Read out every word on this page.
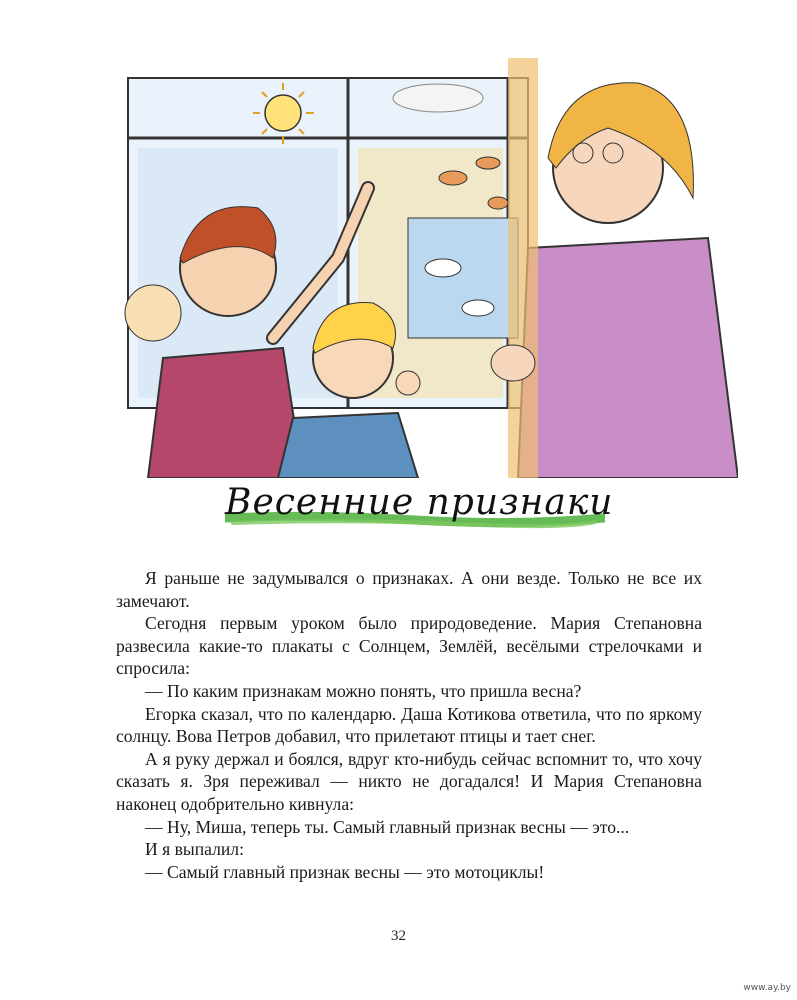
Весенние признаки

Я раньше не задумывался о признаках. А они везде. Только не все их замечают.

Сегодня первым уроком было природоведение. Мария Степановна развесила какие-то плакаты с Солнцем, Землёй, весёлыми стрелочками и спросила:

— По каким признакам можно понять, что пришла весна?

Егорка сказал, что по календарю. Даша Котикова ответила, что по яркому солнцу. Вова Петров добавил, что прилетают птицы и тает снег.

А я руку держал и боялся, вдруг кто-нибудь сейчас вспомнит то, что хочу сказать я. Зря переживал — никто не догадался! И Мария Степановна наконец одобрительно кивнула:

— Ну, Миша, теперь ты. Самый главный признак весны — это...

И я выпалил:

— Самый главный признак весны — это мотоциклы!

32
www.ay.by
